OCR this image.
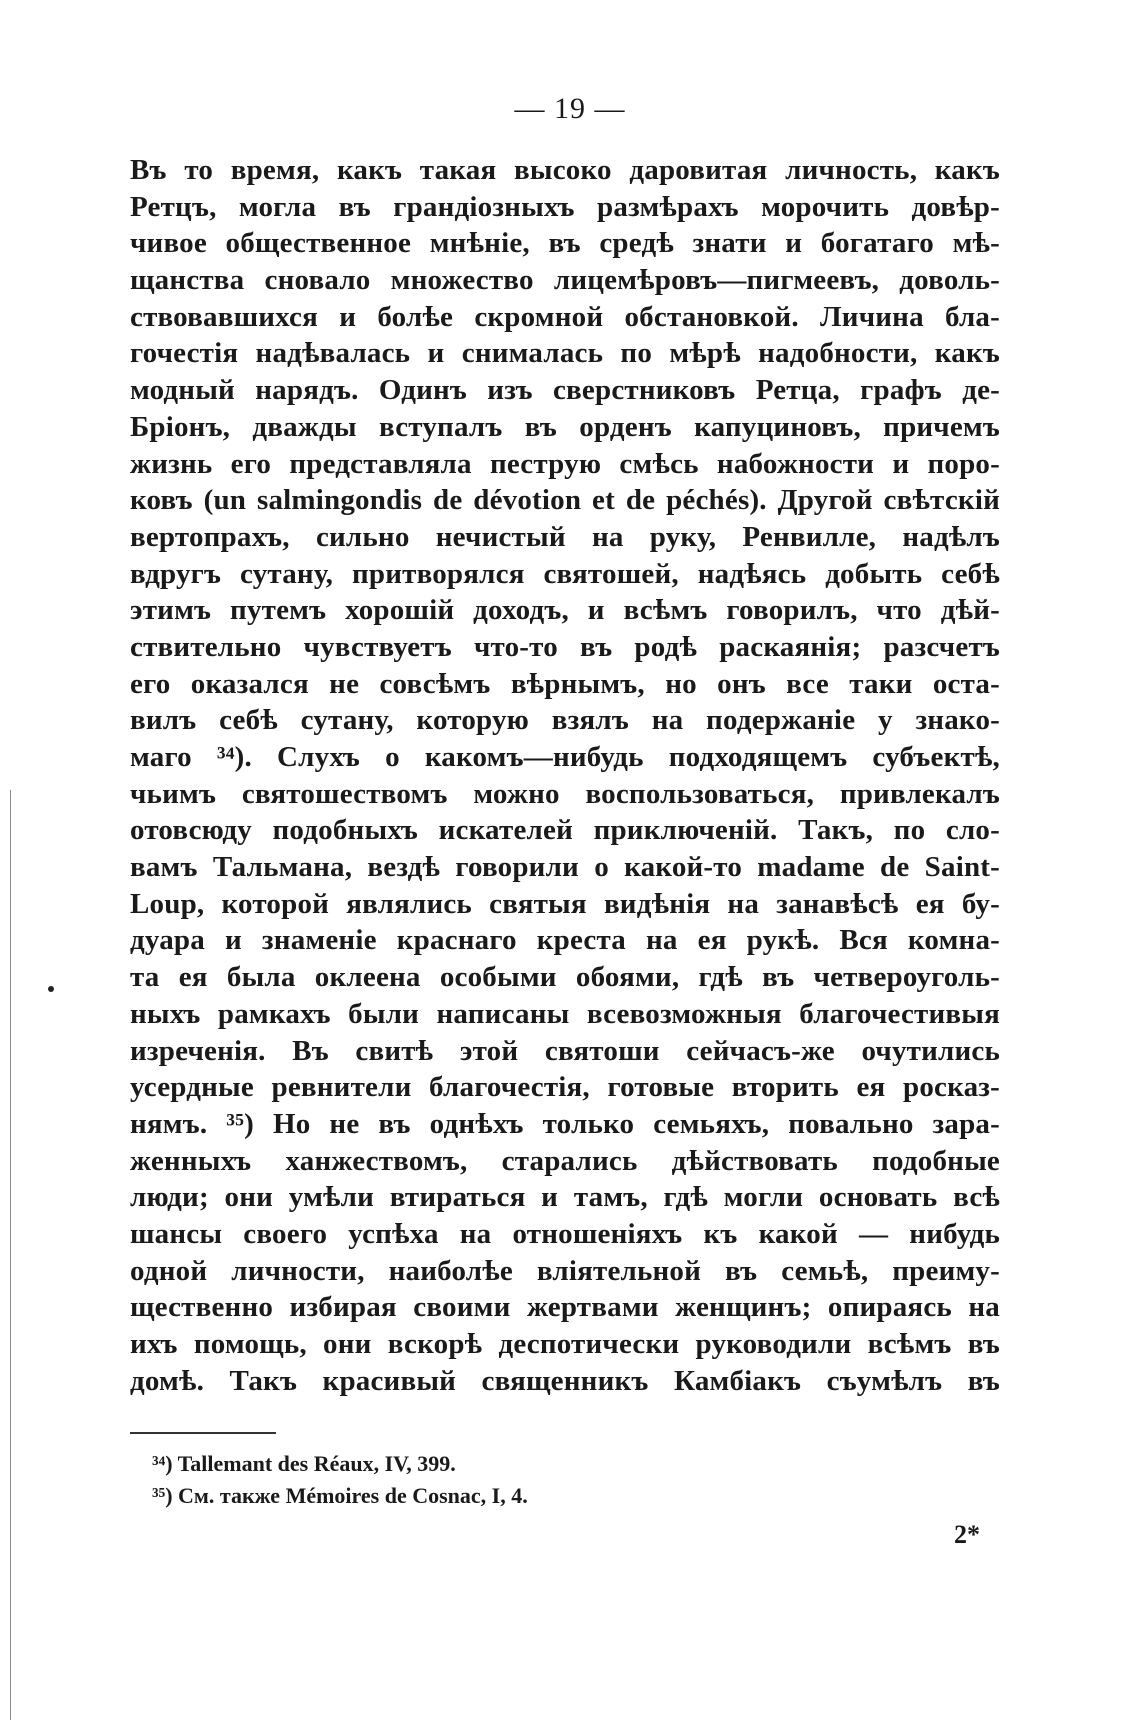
— 19 —
Въ то время, какъ такая высоко даровитая личность, какъ
Ретцъ, могла въ грандіозныхъ размѣрахъ морочить довѣр-
чивое общественное мнѣніе, въ средѣ знати и богатаго мѣ-
щанства сновало множество лицемѣровъ—пигмеевъ, доволь-
ствовавшихся и болѣе скромной обстановкой. Личина бла-
гочестія надѣвалась и снималась по мѣрѣ надобности, какъ
модный нарядъ. Одинъ изъ сверстниковъ Ретца, графъ де-
Бріонъ, дважды вступалъ въ орденъ капуциновъ, причемъ
жизнь его представляла пеструю смѣсь набожности и поро-
ковъ (un salmingondis de dévotion et de péchés). Другой свѣтскій
вертопрахъ, сильно нечистый на руку, Ренвилле, надѣлъ
вдругъ сутану, притворялся святошей, надѣясь добыть себѣ
этимъ путемъ хорошій доходъ, и всѣмъ говорилъ, что дѣй-
ствительно чувствуетъ что-то въ родѣ раскаянія; разсчетъ
его оказался не совсѣмъ вѣрнымъ, но онъ все таки оста-
вилъ себѣ сутану, которую взялъ на подержаніе у знако-
маго ³⁴). Слухъ о какомъ—нибудь подходящемъ субъектѣ,
чьимъ святошествомъ можно воспользоваться, привлекалъ
отовсюду подобныхъ искателей приключеній. Такъ, по сло-
вамъ Тальмана, вездѣ говорили о какой-то madame de Saint-
Loup, которой являлись святыя видѣнія на занавѣсѣ ея бу-
дуара и знаменіе краснаго креста на ея рукѣ. Вся комна-
та ея была оклеена особыми обоями, гдѣ въ четвероуголь-
ныхъ рамкахъ были написаны всевозможныя благочестивыя
изреченія. Въ свитѣ этой святоши сейчасъ-же очутились
усердные ревнители благочестія, готовые вторить ея росказ-
нямъ. ³⁵) Но не въ однѣхъ только семьяхъ, повально зара-
женныхъ ханжествомъ, старались дѣйствовать подобные
люди; они умѣли втираться и тамъ, гдѣ могли основать всѣ
шансы своего успѣха на отношеніяхъ къ какой — нибудь
одной личности, наиболѣе вліятельной въ семьѣ, преиму-
щественно избирая своими жертвами женщинъ; опираясь на
ихъ помощь, они вскорѣ деспотически руководили всѣмъ въ
домѣ. Такъ красивый священникъ Камбіакъ съумѣлъ въ
³⁴) Tallemant des Réaux, IV, 399.
³⁵) См. также Mémoires de Cosnac, I, 4.
2*
